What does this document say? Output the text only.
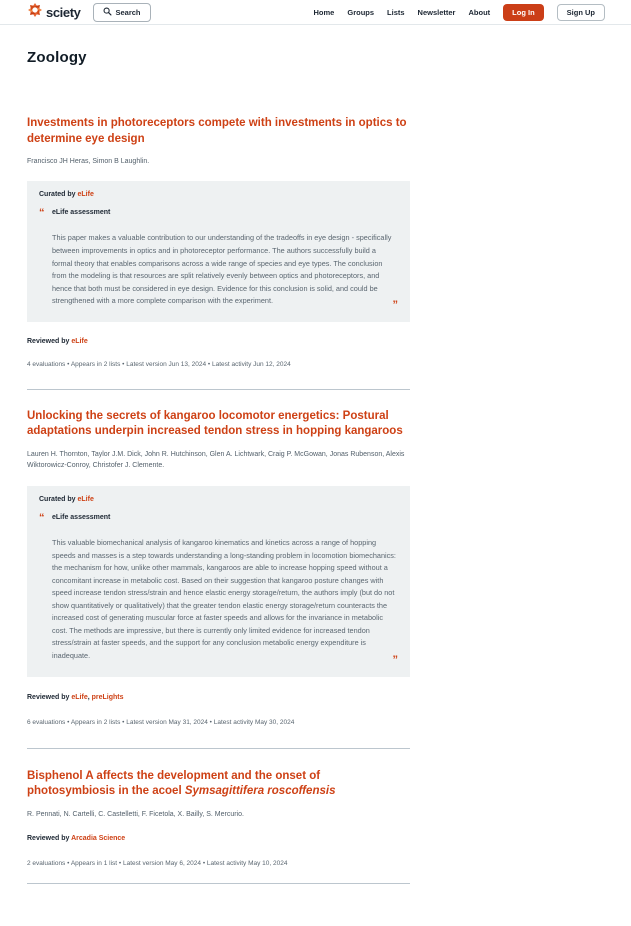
sciety	Search	Home Groups Lists Newsletter About	Log In	Sign Up
Zoology
Investments in photoreceptors compete with investments in optics to determine eye design

Francisco JH Heras, Simon B Laughlin.

Curated by eLife

“ eLife assessment

This paper makes a valuable contribution to our understanding of the tradeoffs in eye design - specifically between improvements in optics and in photoreceptor performance. The authors successfully build a formal theory that enables comparisons across a wide range of species and eye types. The conclusion from the modeling is that resources are split relatively evenly between optics and photoreceptors, and hence that both must be considered in eye design. Evidence for this conclusion is solid, and could be strengthened with a more complete comparison with the experiment.	”

Reviewed by eLife

4 evaluations • Appears in 2 lists • Latest version Jun 13, 2024 • Latest activity Jun 12, 2024

Unlocking the secrets of kangaroo locomotor energetics: Postural adaptations underpin increased tendon stress in hopping kangaroos

Lauren H. Thornton, Taylor J.M. Dick, John R. Hutchinson, Glen A. Lichtwark, Craig P. McGowan, Jonas Rubenson, Alexis Wiktorowicz-Conroy, Christofer J. Clemente.

Curated by eLife

“ eLife assessment

This valuable biomechanical analysis of kangaroo kinematics and kinetics across a range of hopping speeds and masses is a step towards understanding a long-standing problem in locomotion biomechanics: the mechanism for how, unlike other mammals, kangaroos are able to increase hopping speed without a concomitant increase in metabolic cost. Based on their suggestion that kangaroo posture changes with speed increase tendon stress/strain and hence elastic energy storage/return, the authors imply (but do not show quantitatively or qualitatively) that the greater tendon elastic energy storage/return counteracts the increased cost of generating muscular force at faster speeds and allows for the invariance in metabolic cost. The methods are impressive, but there is currently only limited evidence for increased tendon stress/strain at faster speeds, and the support for any conclusion metabolic energy expenditure is inadequate.	”

Reviewed by eLife, preLights

6 evaluations • Appears in 2 lists • Latest version May 31, 2024 • Latest activity May 30, 2024

Bisphenol A affects the development and the onset of photosymbiosis in the acoel Symsagittifera roscoffensis

R. Pennati, N. Cartelli, C. Castelletti, F. Ficetola, X. Bailly, S. Mercurio.

Reviewed by Arcadia Science

2 evaluations • Appears in 1 list • Latest version May 6, 2024 • Latest activity May 10, 2024
